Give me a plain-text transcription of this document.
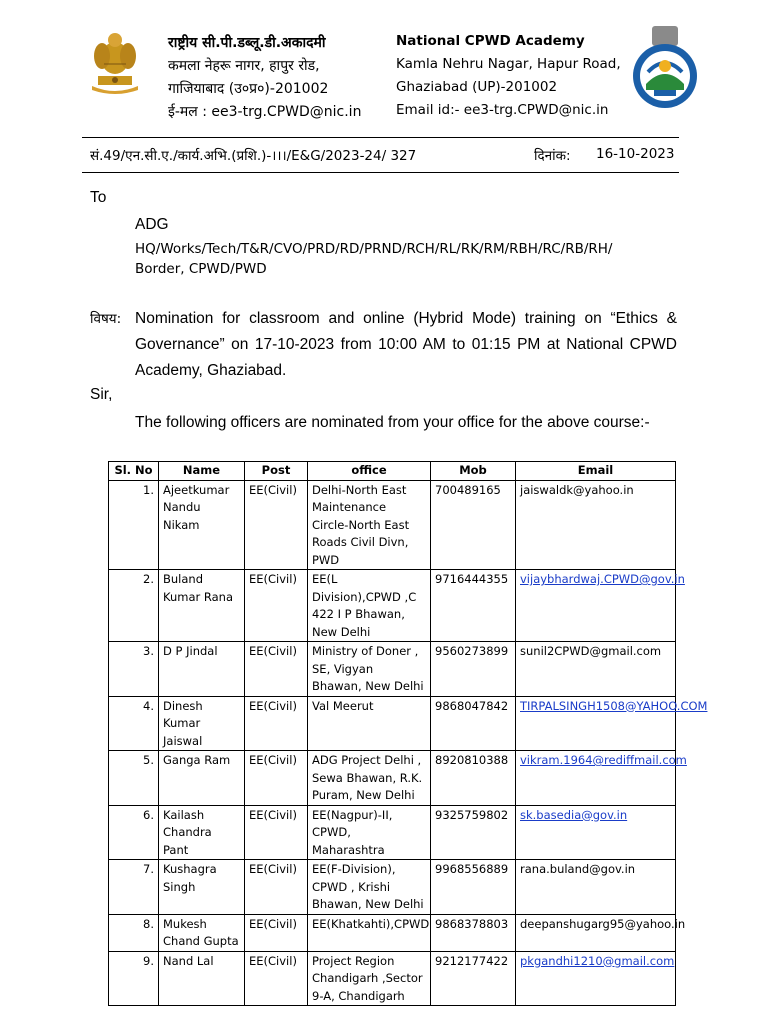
राष्ट्रीय सी.पी.डब्लू.डी.अकादमी
कमला नेहरू नागर, हापुर रोड,
गाजियाबाद (उ०प्र०)-201002
ई-मल : ee3-trg.CPWD@nic.in
National CPWD Academy
Kamla Nehru Nagar, Hapur Road,
Ghaziabad (UP)-201002
Email id:- ee3-trg.CPWD@nic.in
सं.49/एन.सी.ए./कार्य.अभि.(प्रशि.)-।।।/E&G/2023-24/ 327	दिनांक: 16-10-2023
To
ADG
HQ/Works/Tech/T&R/CVO/PRD/RD/PRND/RCH/RL/RK/RM/RBH/RC/RB/RH/
Border, CPWD/PWD
विषय: Nomination for classroom and online (Hybrid Mode) training on “Ethics & Governance” on 17-10-2023 from 10:00 AM to 01:15 PM at National CPWD Academy, Ghaziabad.
Sir,
The following officers are nominated from your office for the above course:-
Sl. No	Name	Post	office	Mob	Email
1.	Ajeetkumar Nandu Nikam	EE(Civil)	Delhi-North East Maintenance Circle-North East Roads Civil Divn, PWD	700489165	jaiswaldk@yahoo.in
2.	Buland Kumar Rana	EE(Civil)	EE(L Division),CPWD ,C 422 I P Bhawan, New Delhi	9716444355	vijaybhardwaj.CPWD@gov.in
3.	D P Jindal	EE(Civil)	Ministry of Doner , SE, Vigyan Bhawan, New Delhi	9560273899	sunil2CPWD@gmail.com
4.	Dinesh Kumar Jaiswal	EE(Civil)	Val Meerut	9868047842	TIRPALSINGH1508@YAHOO.COM
5.	Ganga Ram	EE(Civil)	ADG Project Delhi , Sewa Bhawan, R.K. Puram, New Delhi	8920810388	vikram.1964@rediffmail.com
6.	Kailash Chandra Pant	EE(Civil)	EE(Nagpur)-II, CPWD, Maharashtra	9325759802	sk.basedia@gov.in
7.	Kushagra Singh	EE(Civil)	EE(F-Division), CPWD , Krishi Bhawan, New Delhi	9968556889	rana.buland@gov.in
8.	Mukesh Chand Gupta	EE(Civil)	EE(Khatkahti),CPWD	9868378803	deepanshugarg95@yahoo.in
9.	Nand Lal	EE(Civil)	Project Region Chandigarh ,Sector 9-A, Chandigarh	9212177422	pkgandhi1210@gmail.com
